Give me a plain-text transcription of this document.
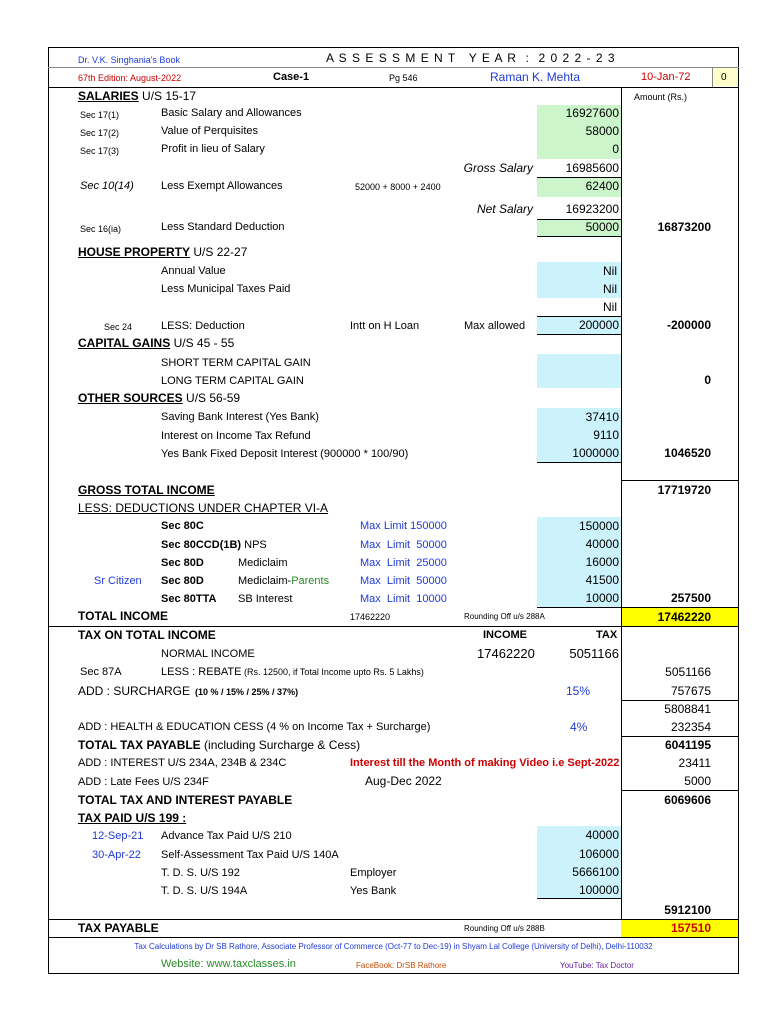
Dr. V.K. Singhania's Book	A S S E S S M E N T   Y E A R  :  2 0 2 2 - 2 3
67th Edition: August-2022	Case-1	Pg 546	Raman K. Mehta	10-Jan-72	0
Amount (Rs.)
SALARIES U/S 15-17
Sec 17(1)	Basic Salary and Allowances	16927600
Sec 17(2)	Value of Perquisites	58000
Sec 17(3)	Profit in lieu of Salary	0
Gross Salary	16985600
Sec 10(14) Less Exempt Allowances	52000 + 8000 + 2400	62400
Net Salary	16923200
Sec 16(ia)	Less Standard Deduction	50000	16873200
HOUSE PROPERTY U/S 22-27
Annual Value	Nil
Less Municipal Taxes Paid	Nil
Nil
Sec 24	LESS: Deduction	Intt on H Loan	Max allowed	200000	-200000
CAPITAL GAINS U/S 45 - 55
SHORT TERM CAPITAL GAIN
LONG TERM CAPITAL GAIN	0
OTHER SOURCES U/S 56-59
Saving Bank Interest (Yes Bank)	37410
Interest on Income Tax Refund	9110
Yes Bank Fixed Deposit Interest (900000 * 100/90)	1000000	1046520
GROSS TOTAL INCOME	17719720
LESS: DEDUCTIONS UNDER CHAPTER VI-A
Sec 80C	Max Limit 150000	150000
Sec 80CCD(1B) NPS	Max  Limit  50000	40000
Sec 80D	Mediclaim	Max  Limit  25000	16000
Sr Citizen Sec 80D	Mediclaim-Parents	Max  Limit  50000	41500
Sec 80TTA SB Interest	Max  Limit  10000	10000	257500
TOTAL INCOME	17462220	Rounding Off u/s 288A	17462220
TAX ON TOTAL INCOME	INCOME	TAX
NORMAL INCOME	17462220	5051166
Sec 87A	LESS : REBATE (Rs. 12500, if Total Income upto Rs. 5 Lakhs)	5051166
ADD : SURCHARGE  (10 % / 15% / 25% / 37%)	15%	757675
5808841
ADD : HEALTH & EDUCATION CESS (4 % on Income Tax + Surcharge)	4%	232354
TOTAL TAX PAYABLE (including Surcharge & Cess)	6041195
ADD : INTEREST U/S 234A, 234B & 234C	Interest till the Month of making Video i.e Sept-2022	23411
ADD : Late Fees U/S 234F	Aug-Dec 2022	5000
TOTAL TAX AND INTEREST PAYABLE	6069606
TAX PAID U/S 199 :
12-Sep-21 Advance Tax Paid U/S 210	40000
30-Apr-22 Self-Assessment Tax Paid U/S 140A	106000
T. D. S. U/S 192	Employer	5666100
T. D. S. U/S 194A	Yes Bank	100000
5912100
TAX PAYABLE	Rounding Off u/s 288B	157510
Tax Calculations by Dr SB Rathore, Associate Professor of Commerce (Oct-77 to Dec-19) in Shyam Lal College (University of Delhi), Delhi-110032
Website: www.taxclasses.in	FaceBook: DrSB Rathore	YouTube: Tax Doctor
